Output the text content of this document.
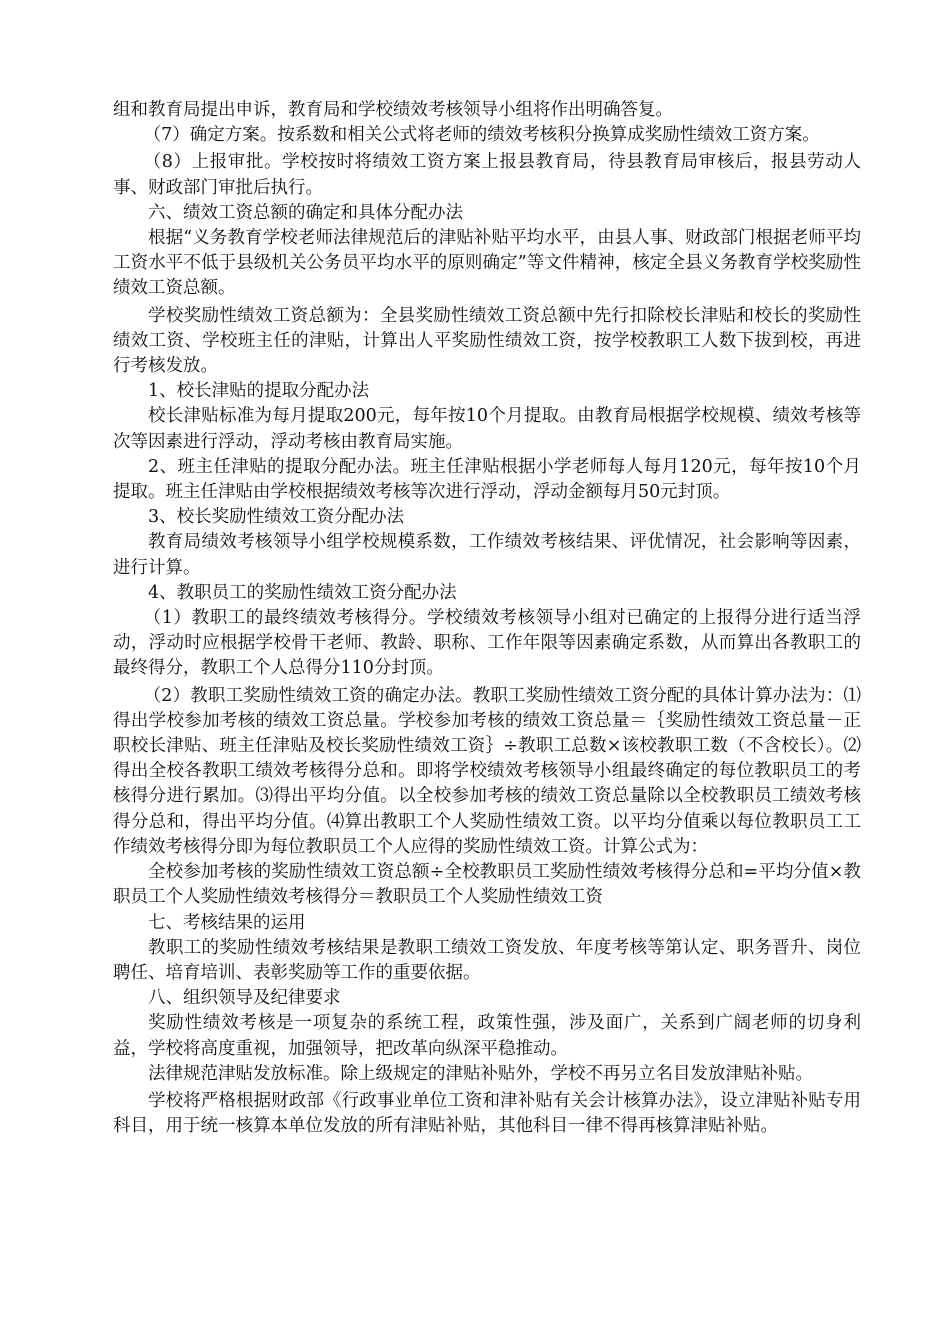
组和教育局提出申诉，教育局和学校绩效考核领导小组将作出明确答复。

（7）确定方案。按系数和相关公式将老师的绩效考核积分换算成奖励性绩效工资方案。

（8）上报审批。学校按时将绩效工资方案上报县教育局，待县教育局审核后，报县劳动人事、财政部门审批后执行。

六、绩效工资总额的确定和具体分配办法

根据“义务教育学校老师法律规范后的津贴补贴平均水平，由县人事、财政部门根据老师平均工资水平不低于县级机关公务员平均水平的原则确定”等文件精神，核定全县义务教育学校奖励性绩效工资总额。

学校奖励性绩效工资总额为：全县奖励性绩效工资总额中先行扣除校长津贴和校长的奖励性绩效工资、学校班主任的津贴，计算出人平奖励性绩效工资，按学校教职工人数下拔到校，再进行考核发放。

1、校长津贴的提取分配办法

校长津贴标准为每月提取200元，每年按10个月提取。由教育局根据学校规模、绩效考核等次等因素进行浮动，浮动考核由教育局实施。

2、班主任津贴的提取分配办法。班主任津贴根据小学老师每人每月120元，每年按10个月提取。班主任津贴由学校根据绩效考核等次进行浮动，浮动金额每月50元封顶。

3、校长奖励性绩效工资分配办法

教育局绩效考核领导小组学校规模系数，工作绩效考核结果、评优情况，社会影响等因素，进行计算。

4、教职员工的奖励性绩效工资分配办法

（1）教职工的最终绩效考核得分。学校绩效考核领导小组对已确定的上报得分进行适当浮动，浮动时应根据学校骨干老师、教龄、职称、工作年限等因素确定系数，从而算出各教职工的最终得分，教职工个人总得分110分封顶。

（2）教职工奖励性绩效工资的确定办法。教职工奖励性绩效工资分配的具体计算办法为：⑴得出学校参加考核的绩效工资总量。学校参加考核的绩效工资总量＝｛奖励性绩效工资总量－正职校长津贴、班主任津贴及校长奖励性绩效工资｝÷教职工总数×该校教职工数（不含校长）。⑵得出全校各教职工绩效考核得分总和。即将学校绩效考核领导小组最终确定的每位教职员工的考核得分进行累加。⑶得出平均分值。以全校参加考核的绩效工资总量除以全校教职员工绩效考核得分总和，得出平均分值。⑷算出教职工个人奖励性绩效工资。以平均分值乘以每位教职员工工作绩效考核得分即为每位教职员工个人应得的奖励性绩效工资。计算公式为：

全校参加考核的奖励性绩效工资总额÷全校教职员工奖励性绩效考核得分总和=平均分值×教职员工个人奖励性绩效考核得分＝教职员工个人奖励性绩效工资

七、考核结果的运用

教职工的奖励性绩效考核结果是教职工绩效工资发放、年度考核等第认定、职务晋升、岗位聘任、培育培训、表彰奖励等工作的重要依据。

八、组织领导及纪律要求

奖励性绩效考核是一项复杂的系统工程，政策性强，涉及面广，关系到广阔老师的切身利益，学校将高度重视，加强领导，把改革向纵深平稳推动。

法律规范津贴发放标准。除上级规定的津贴补贴外，学校不再另立名目发放津贴补贴。

学校将严格根据财政部《行政事业单位工资和津补贴有关会计核算办法》，设立津贴补贴专用科目，用于统一核算本单位发放的所有津贴补贴，其他科目一律不得再核算津贴补贴。
